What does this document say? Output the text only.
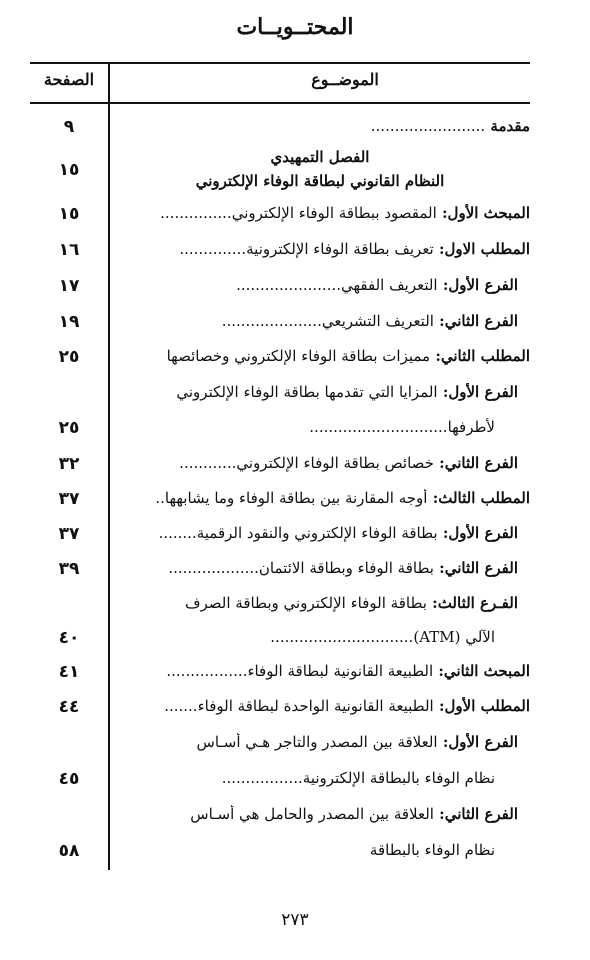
المحتــويــات
الموضــوع
الصفحة
مقدمة ........................
٩
١٥
المبحث الأول: المقصود ببطاقة الوفاء الإلكتروني...............
١٥
المطلب الاول: تعريف بطاقة الوفاء الإلكترونية..............
١٦
الفرع الأول: التعريف الفقهي......................
١٧
الفرع الثاني: التعريف التشريعي.....................
١٩
المطلب الثاني: مميزات بطاقة الوفاء الإلكتروني وخصائصها
٢٥
الفرع الأول: المزايا التي تقدمها بطاقة الوفاء الإلكتروني
لأطرفها.............................
٢٥
الفرع الثاني: خصائص بطاقة الوفاء الإلكتروني............
٣٢
المطلب الثالث: أوجه المقارنة بين بطاقة الوفاء وما يشابهها..
٣٧
الفرع الأول: بطاقة الوفاء الإلكتروني والنقود الرقمية........
٣٧
الفرع الثاني: بطاقة الوفاء وبطاقة الائتمان...................
٣٩
الفـرع الثالث: بطاقة الوفاء الإلكتروني وبطاقة الصرف
الآلي (ATM)..............................
٤٠
المبحث الثاني: الطبيعة القانونية لبطاقة الوفاء.................
٤١
المطلب الأول: الطبيعة القانونية الواحدة لبطاقة الوفاء.......
٤٤
الفرع الأول: العلاقة بين المصدر والتاجر هـي أسـاس
نظام الوفاء بالبطاقة الإلكترونية.................
٤٥
الفرع الثاني: العلاقة بين المصدر والحامل هي أسـاس
نظام الوفاء بالبطاقة
٥٨
الفصل التمهيدي
النظام القانوني لبطاقة الوفاء الإلكتروني
٢٧٣
